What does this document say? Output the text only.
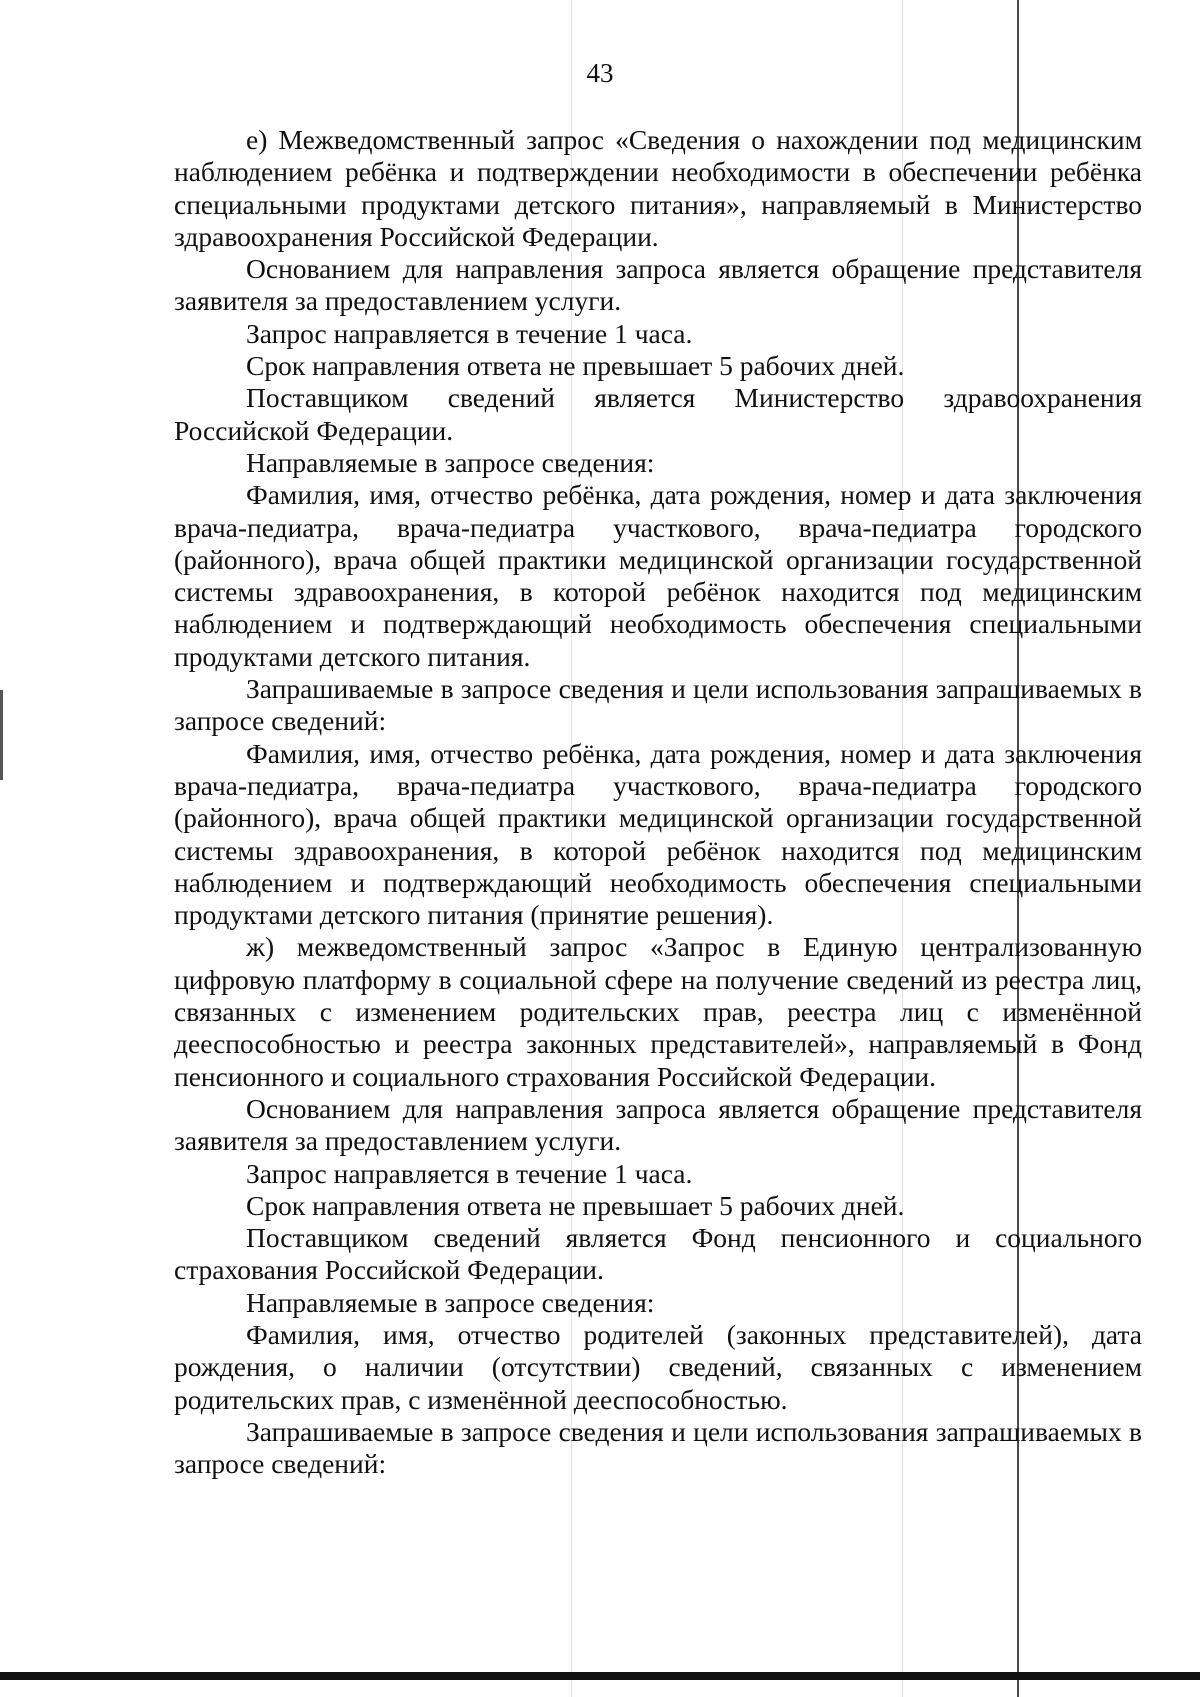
43

е) Межведомственный запрос «Сведения о нахождении под медицинским наблюдением ребёнка и подтверждении необходимости в обеспечении ребёнка специальными продуктами детского питания», направляемый в Министерство здравоохранения Российской Федерации.

Основанием для направления запроса является обращение представителя заявителя за предоставлением услуги.

Запрос направляется в течение 1 часа.

Срок направления ответа не превышает 5 рабочих дней.

Поставщиком сведений является Министерство здравоохранения Российской Федерации.

Направляемые в запросе сведения:

Фамилия, имя, отчество ребёнка, дата рождения, номер и дата заключения врача-педиатра, врача-педиатра участкового, врача-педиатра городского (районного), врача общей практики медицинской организации государственной системы здравоохранения, в которой ребёнок находится под медицинским наблюдением и подтверждающий необходимость обеспечения специальными продуктами детского питания.

Запрашиваемые в запросе сведения и цели использования запрашиваемых в запросе сведений:

Фамилия, имя, отчество ребёнка, дата рождения, номер и дата заключения врача-педиатра, врача-педиатра участкового, врача-педиатра городского (районного), врача общей практики медицинской организации государственной системы здравоохранения, в которой ребёнок находится под медицинским наблюдением и подтверждающий необходимость обеспечения специальными продуктами детского питания (принятие решения).

ж) межведомственный запрос «Запрос в Единую централизованную цифровую платформу в социальной сфере на получение сведений из реестра лиц, связанных с изменением родительских прав, реестра лиц с изменённой дееспособностью и реестра законных представителей», направляемый в Фонд пенсионного и социального страхования Российской Федерации.

Основанием для направления запроса является обращение представителя заявителя за предоставлением услуги.

Запрос направляется в течение 1 часа.

Срок направления ответа не превышает 5 рабочих дней.

Поставщиком сведений является Фонд пенсионного и социального страхования Российской Федерации.

Направляемые в запросе сведения:

Фамилия, имя, отчество родителей (законных представителей), дата рождения, о наличии (отсутствии) сведений, связанных с изменением родительских прав, с изменённой дееспособностью.

Запрашиваемые в запросе сведения и цели использования запрашиваемых в запросе сведений:
